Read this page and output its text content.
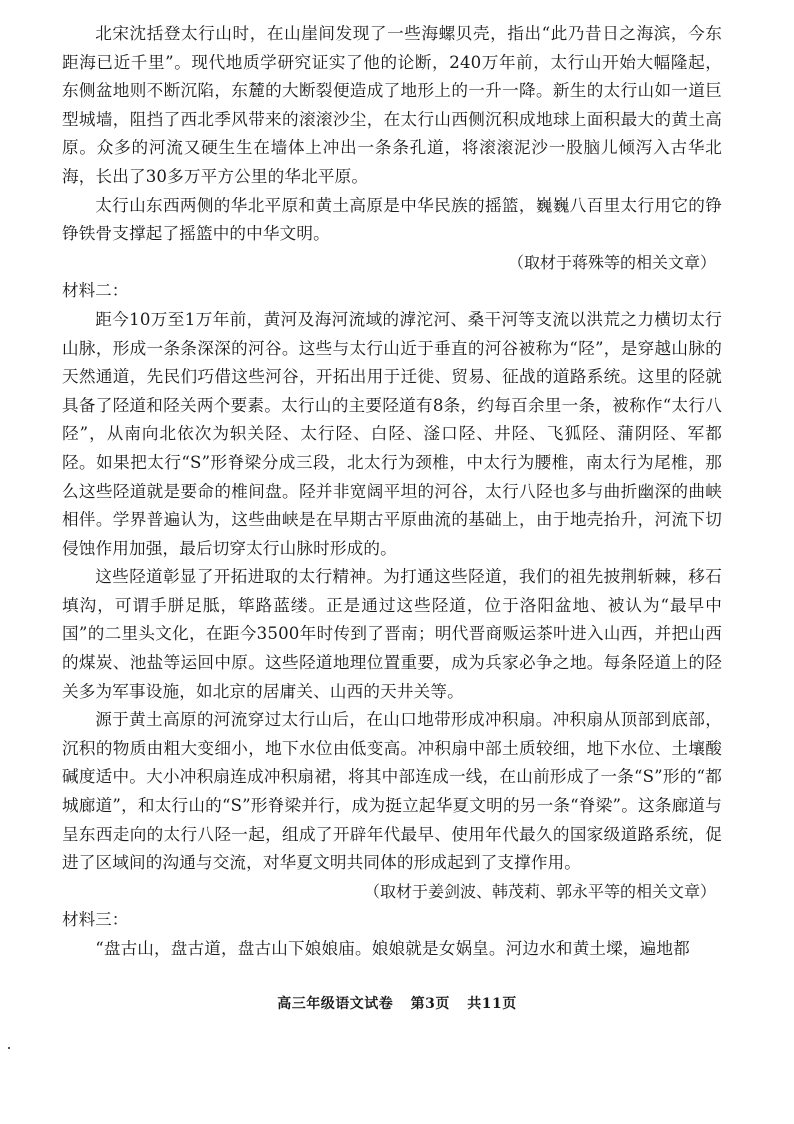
北宋沈括登太行山时，在山崖间发现了一些海螺贝壳，指出“此乃昔日之海滨，今东距海已近千里”。现代地质学研究证实了他的论断，240万年前，太行山开始大幅隆起，东侧盆地则不断沉陷，东麓的大断裂便造成了地形上的一升一降。新生的太行山如一道巨型城墙，阻挡了西北季风带来的滚滚沙尘，在太行山西侧沉积成地球上面积最大的黄土高原。众多的河流又硬生生在墙体上冲出一条条孔道，将滚滚泥沙一股脑儿倾泻入古华北海，长出了30多万平方公里的华北平原。

太行山东西两侧的华北平原和黄土高原是中华民族的摇篮，巍巍八百里太行用它的铮铮铁骨支撑起了摇篮中的中华文明。

（取材于蒋殊等的相关文章）

材料二：

距今10万至1万年前，黄河及海河流域的滹沱河、桑干河等支流以洪荒之力横切太行山脉，形成一条条深深的河谷。这些与太行山近于垂直的河谷被称为“陉”，是穿越山脉的天然通道，先民们巧借这些河谷，开拓出用于迁徙、贸易、征战的道路系统。这里的陉就具备了陉道和陉关两个要素。太行山的主要陉道有8条，约每百余里一条，被称作“太行八陉”，从南向北依次为轵关陉、太行陉、白陉、滏口陉、井陉、飞狐陉、蒲阴陉、军都陉。如果把太行“S”形脊梁分成三段，北太行为颈椎，中太行为腰椎，南太行为尾椎，那么这些陉道就是要命的椎间盘。陉并非宽阔平坦的河谷，太行八陉也多与曲折幽深的曲峡相伴。学界普遍认为，这些曲峡是在早期古平原曲流的基础上，由于地壳抬升，河流下切侵蚀作用加强，最后切穿太行山脉时形成的。

这些陉道彰显了开拓进取的太行精神。为打通这些陉道，我们的祖先披荆斩棘，移石填沟，可谓手胼足胝，筚路蓝缕。正是通过这些陉道，位于洛阳盆地、被认为“最早中国”的二里头文化，在距今3500年时传到了晋南；明代晋商贩运茶叶进入山西，并把山西的煤炭、池盐等运回中原。这些陉道地理位置重要，成为兵家必争之地。每条陉道上的陉关多为军事设施，如北京的居庸关、山西的天井关等。

源于黄土高原的河流穿过太行山后，在山口地带形成冲积扇。冲积扇从顶部到底部，沉积的物质由粗大变细小，地下水位由低变高。冲积扇中部土质较细，地下水位、土壤酸碱度适中。大小冲积扇连成冲积扇裙，将其中部连成一线，在山前形成了一条“S”形的“都城廊道”，和太行山的“S”形脊梁并行，成为挺立起华夏文明的另一条“脊梁”。这条廊道与呈东西走向的太行八陉一起，组成了开辟年代最早、使用年代最久的国家级道路系统，促进了区域间的沟通与交流，对华夏文明共同体的形成起到了支撑作用。

（取材于姜剑波、韩茂莉、郭永平等的相关文章）

材料三：

“盘古山，盘古道，盘古山下娘娘庙。娘娘就是女娲皇。河边水和黄土墚，遍地都

高三年级语文试卷 第3页 共11页
